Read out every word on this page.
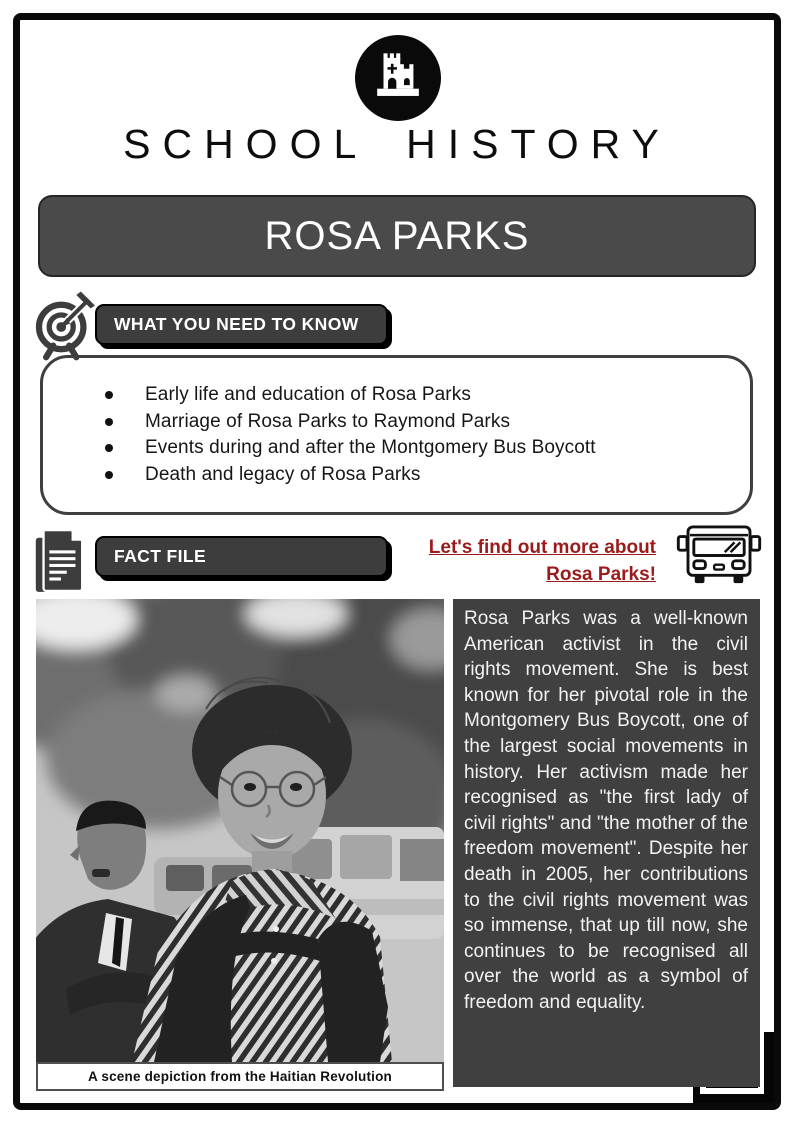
SCHOOL HISTORY
ROSA PARKS
WHAT YOU NEED TO KNOW
Early life and education of Rosa Parks
Marriage of Rosa Parks to Raymond Parks
Events during and after the Montgomery Bus Boycott
Death and legacy of Rosa Parks
FACT FILE	Let's find out more about Rosa Parks!
A scene depiction from the Haitian Revolution
Rosa Parks was a well-known American activist in the civil rights movement. She is best known for her pivotal role in the Montgomery Bus Boycott, one of the largest social movements in history. Her activism made her recognised as "the first lady of civil rights" and "the mother of the freedom movement". Despite her death in 2005, her contributions to the civil rights movement was so immense, that up till now, she continues to be recognised all over the world as a symbol of freedom and equality.
